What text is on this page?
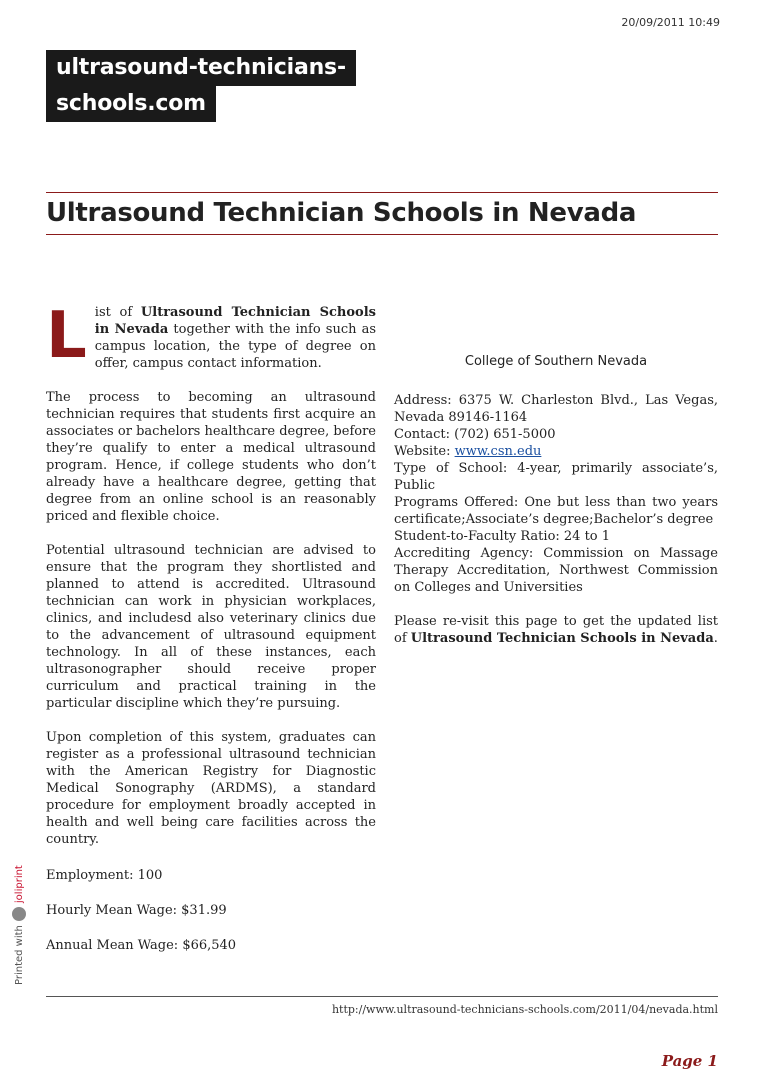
20/09/2011 10:49
ultrasound-technicians-
schools.com
Ultrasound Technician Schools in Nevada

List of Ultrasound Technician Schools in Nevada together with the info such as campus location, the type of degree on offer, campus contact information.

The process to becoming an ultrasound technician requires that students first acquire an associates or bachelors healthcare degree, before they’re qualify to enter a medical ultrasound program. Hence, if college students who don’t already have a healthcare degree, getting that degree from an online school is an reasonably priced and flexible choice.

Potential ultrasound technician are advised to ensure that the program they shortlisted and planned to attend is accredited. Ultrasound technician can work in physician workplaces, clinics, and includesd also veterinary clinics due to the advancement of ultrasound equipment technology. In all of these instances, each ultrasonographer should receive proper curriculum and practical training in the particular discipline which they’re pursuing.

Upon completion of this system, graduates can register as a professional ultrasound technician with the American Registry for Diagnostic Medical Sonography (ARDMS), a standard procedure for employment broadly accepted in health and well being care facilities across the country.

Employment: 100
Hourly Mean Wage: $31.99
Annual Mean Wage: $66,540
College of Southern Nevada
Address: 6375 W. Charleston Blvd., Las Vegas, Nevada 89146-1164
Contact: (702) 651-5000
Website: www.csn.edu
Type of School: 4-year, primarily associate’s, Public
Programs Offered: One but less than two years certificate;Associate’s degree;Bachelor’s degree
Student-to-Faculty Ratio: 24 to 1
Accrediting Agency: Commission on Massage Therapy Accreditation, Northwest Commission on Colleges and Universities
Please re-visit this page to get the updated list of Ultrasound Technician Schools in Nevada.
http://www.ultrasound-technicians-schools.com/2011/04/nevada.html
Page 1
Printed with
joliprint
